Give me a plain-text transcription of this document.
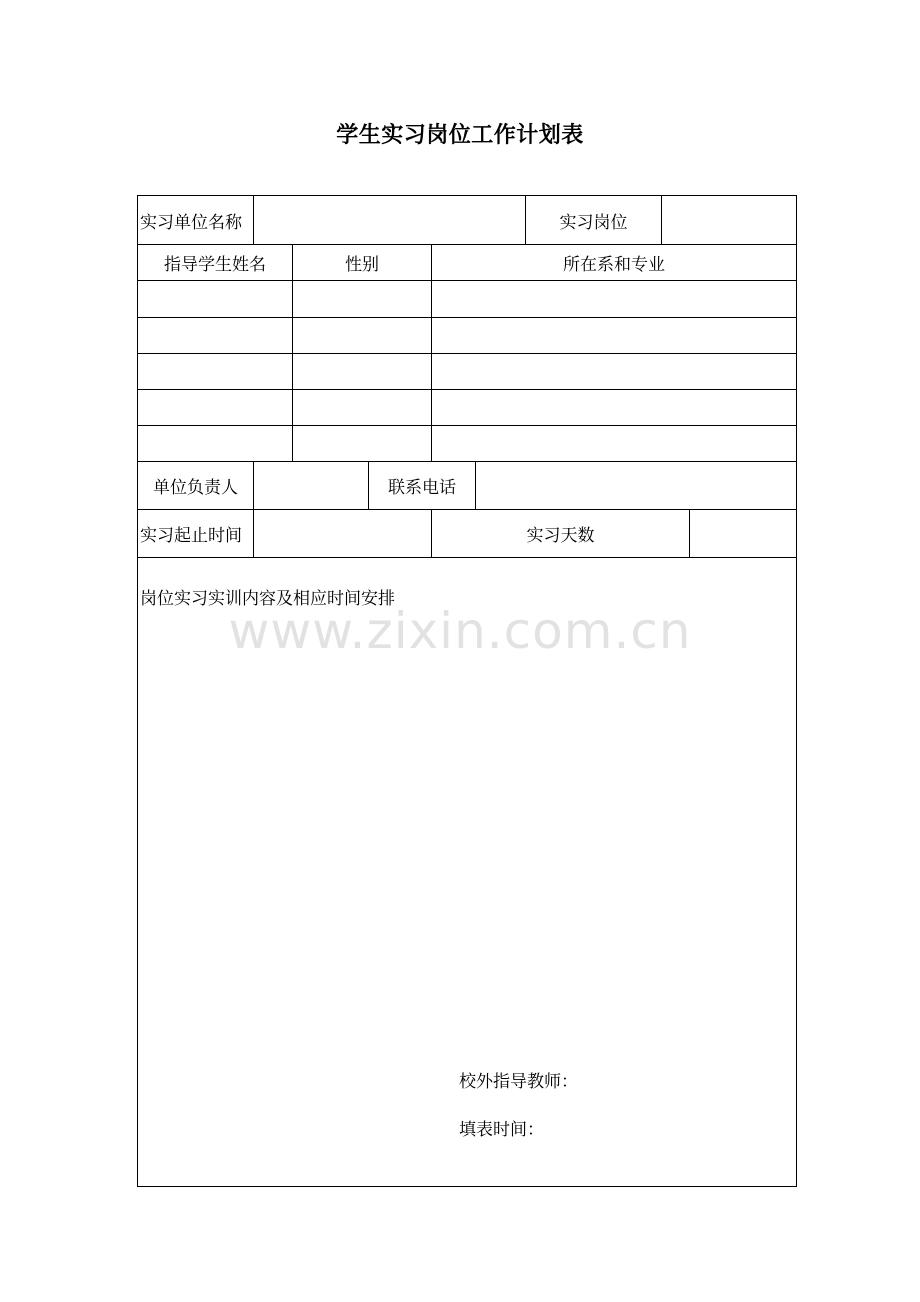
学生实习岗位工作计划表
实习单位名称	实习岗位
指导学生姓名	性别	所在系和专业
单位负责人	联系电话
实习起止时间	实习天数
岗位实习实训内容及相应时间安排
校外指导教师：
填表时间：
www.zixin.com.cn
